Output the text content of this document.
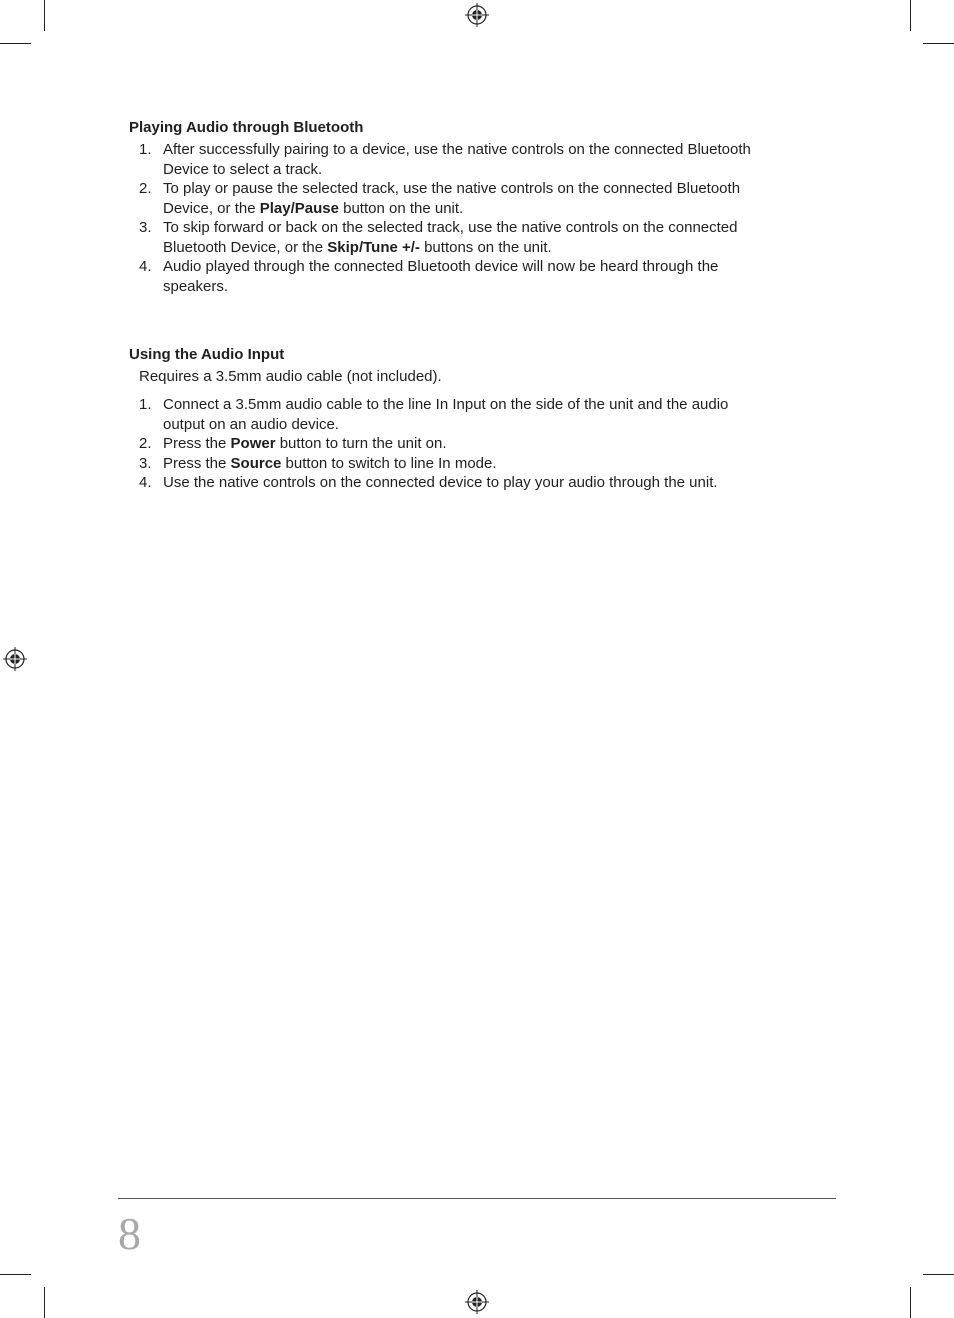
Playing Audio through Bluetooth
1. After successfully pairing to a device, use the native controls on the connected Bluetooth
Device to select a track.
2. To play or pause the selected track, use the native controls on the connected Bluetooth
Device, or the Play/Pause button on the unit.
3. To skip forward or back on the selected track, use the native controls on the connected
Bluetooth Device, or the Skip/Tune +/- buttons on the unit.
4. Audio played through the connected Bluetooth device will now be heard through the
speakers.
Using the Audio Input
Requires a 3.5mm audio cable (not included).
1. Connect a 3.5mm audio cable to the line In Input on the side of the unit and the audio
output on an audio device.
2. Press the Power button to turn the unit on.
3. Press the Source button to switch to line In mode.
4. Use the native controls on the connected device to play your audio through the unit.
8
